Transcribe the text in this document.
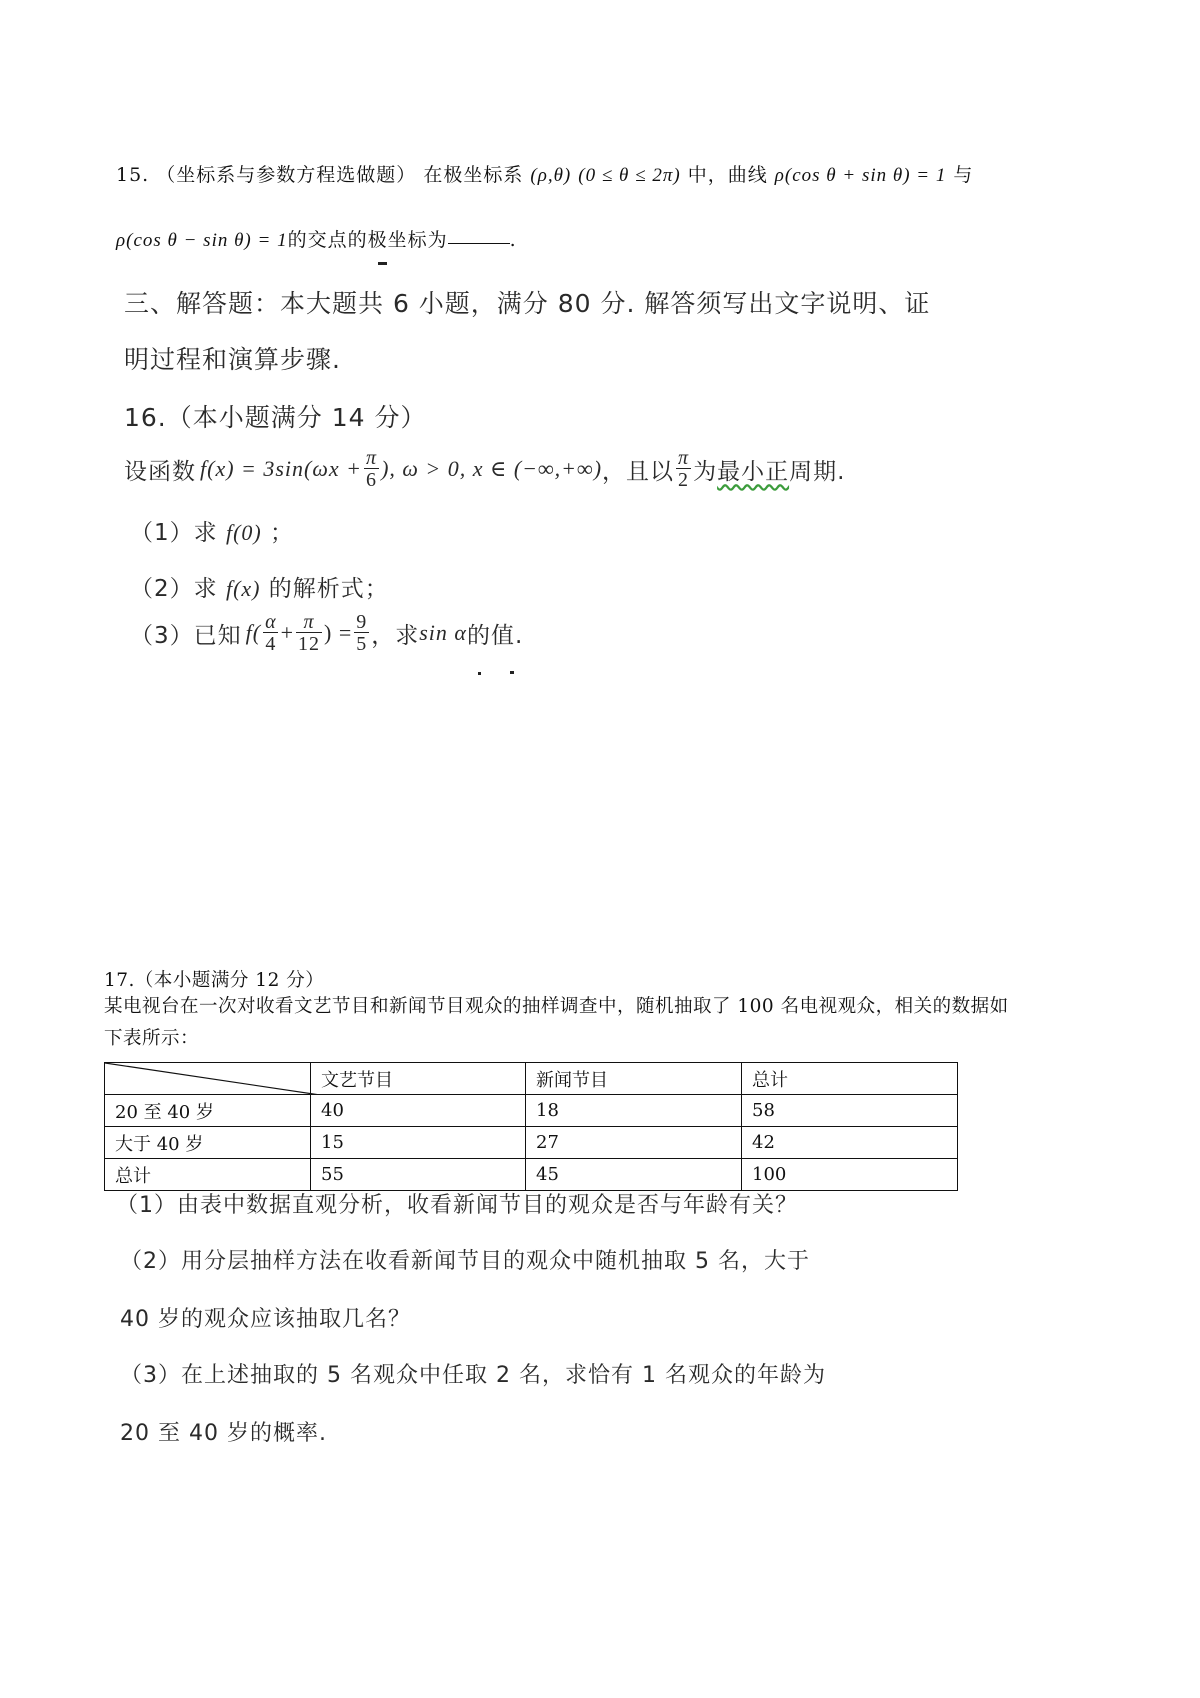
15. （坐标系与参数方程选做题） 在极坐标系 (ρ,θ) (0 ≤ θ ≤ 2π) 中，曲线 ρ(cos θ + sin θ) = 1 与
ρ(cos θ − sin θ) = 1的交点的极坐标为	.
三、解答题：本大题共 6 小题，满分 80 分. 解答须写出文字说明、证
明过程和演算步骤.
16.（本小题满分 14 分）
设函数 $f(x) = 3\sin(\omega x + \frac{\pi}{6}$ ), ω > 0, x ∈ (−∞,+∞) ，且以 $\frac{\pi}{2}$ 为 最小正 周期.
（1）求 f(0) ；
（2）求 f(x) 的解析式；
（3）已知 $f( \frac{\alpha}{4} + \frac{\pi}{12}$ ) = $\frac{9}{5}$ ，求 sin α 的值.
17.（本小题满分 12 分）
某电视台在一次对收看文艺节目和新闻节目观众的抽样调查中，随机抽取了 100 名电视观众，相关的数据如
下表所示：
	文艺节目	新闻节目	总计
20 至 40 岁	40	18	58
大于 40 岁	15	27	42
总计	55	45	100
（1）由表中数据直观分析，收看新闻节目的观众是否与年龄有关？
（2）用分层抽样方法在收看新闻节目的观众中随机抽取 5 名，大于
40 岁的观众应该抽取几名？
（3）在上述抽取的 5 名观众中任取 2 名，求恰有 1 名观众的年龄为
20 至 40 岁的概率.
